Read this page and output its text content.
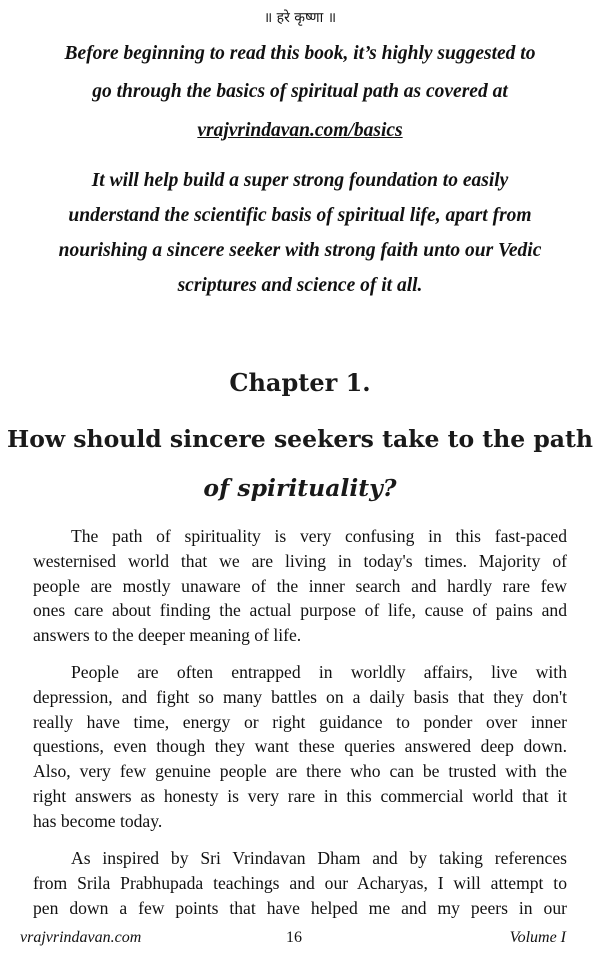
॥ हरे कृष्णा ॥
Before beginning to read this book, it’s highly suggested to
go through the basics of spiritual path as covered at
vrajvrindavan.com/basics
It will help build a super strong foundation to easily
understand the scientific basis of spiritual life, apart from
nourishing a sincere seeker with strong faith unto our Vedic
scriptures and science of it all.
Chapter 1.
How should sincere seekers take to the path
of spirituality?
The path of spirituality is very confusing in this fast-paced
westernised world that we are living in today's times. Majority of
people are mostly unaware of the inner search and hardly rare few
ones care about finding the actual purpose of life, cause of pains and
answers to the deeper meaning of life.
People are often entrapped in worldly affairs, live with
depression, and fight so many battles on a daily basis that they don't
really have time, energy or right guidance to ponder over inner
questions, even though they want these queries answered deep down.
Also, very few genuine people are there who can be trusted with the
right answers as honesty is very rare in this commercial world that it
has become today.
As inspired by Sri Vrindavan Dham and by taking references
from Srila Prabhupada teachings and our Acharyas, I will attempt to
pen down a few points that have helped me and my peers in our
vrajvrindavan.com	16	Volume I
